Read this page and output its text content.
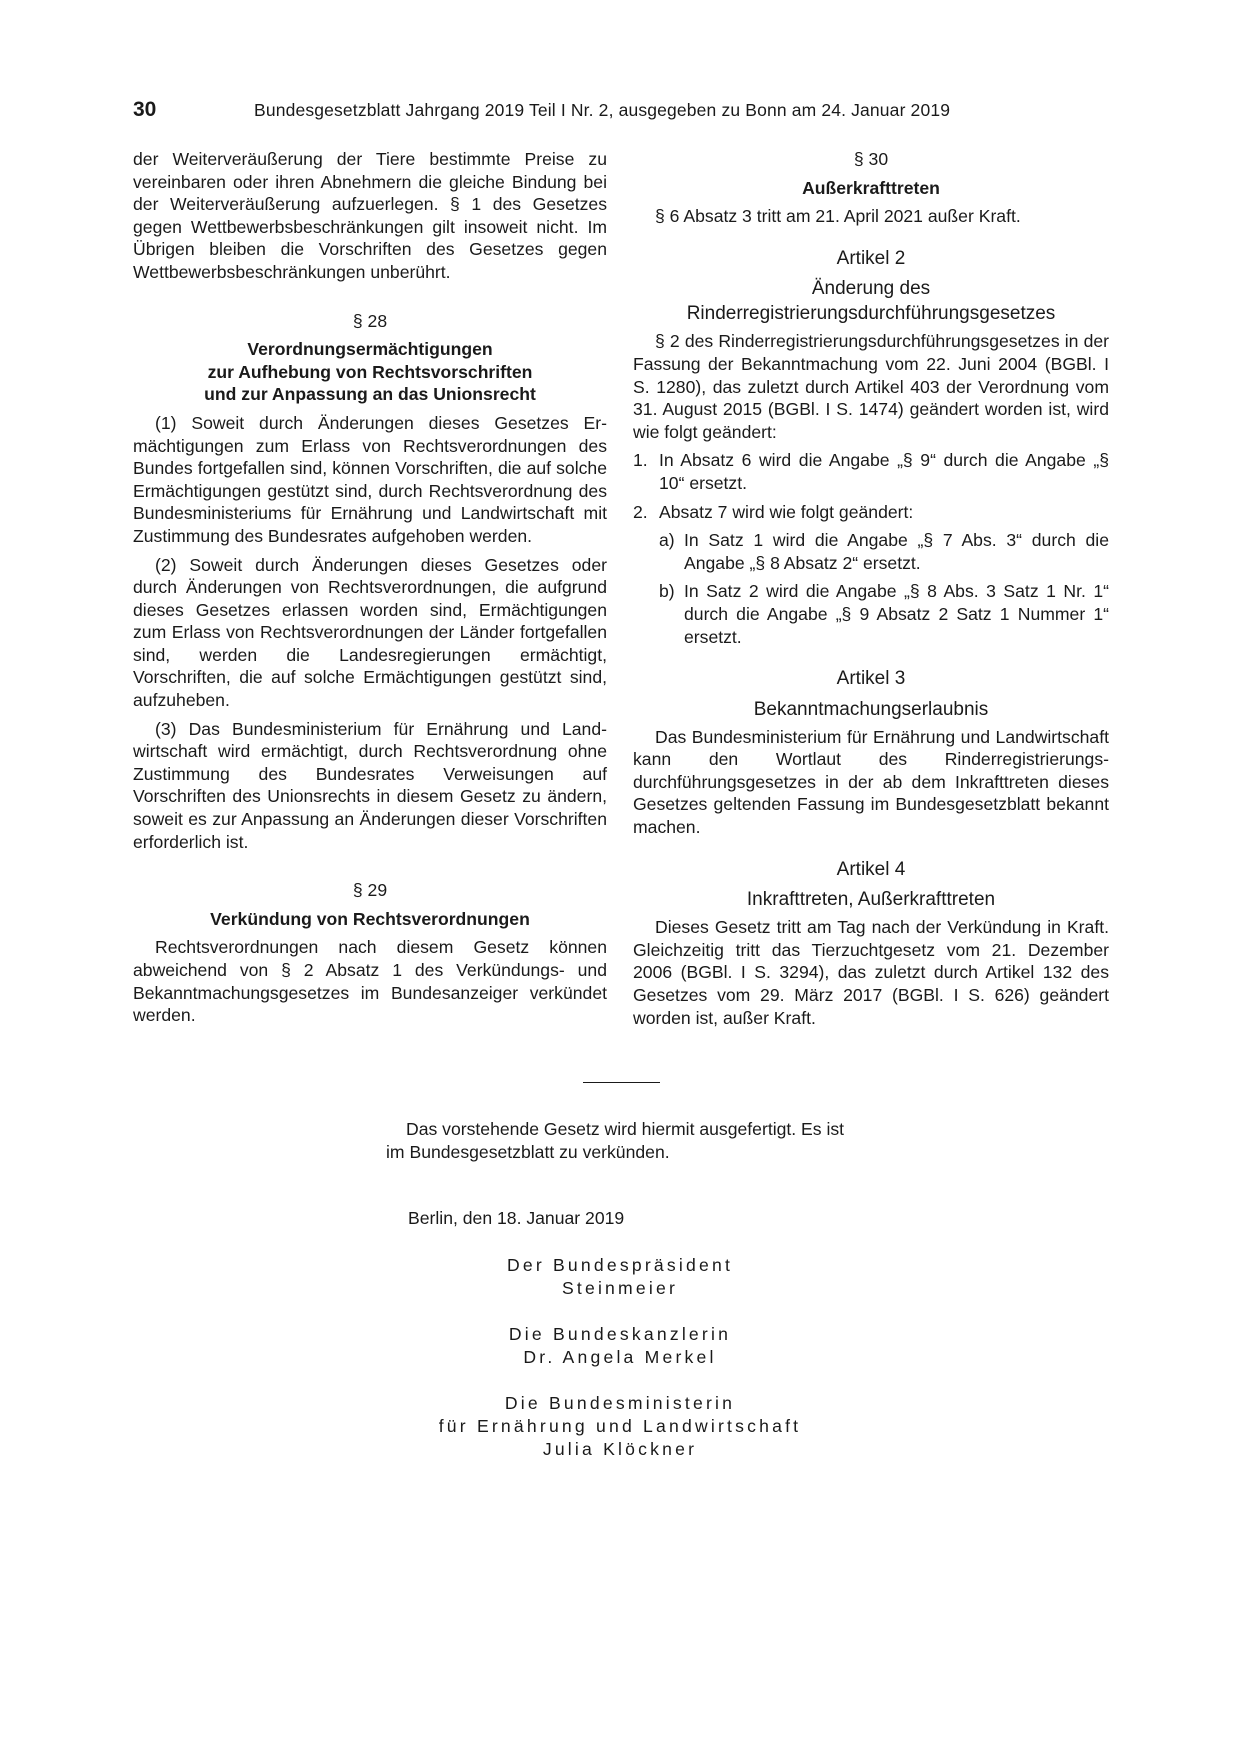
30	Bundesgesetzblatt Jahrgang 2019 Teil I Nr. 2, ausgegeben zu Bonn am 24. Januar 2019

der Weiterveräußerung der Tiere bestimmte Preise zu vereinbaren oder ihren Abnehmern die gleiche Bindung bei der Weiterveräußerung aufzuerlegen. § 1 des Gesetzes gegen Wettbewerbsbeschränkungen gilt insoweit nicht. Im Übrigen bleiben die Vorschriften des Gesetzes gegen Wettbewerbsbeschränkungen unberührt.

§ 28
Verordnungsermächtigungen
zur Aufhebung von Rechtsvorschriften
und zur Anpassung an das Unionsrecht

(1) Soweit durch Änderungen dieses Gesetzes Ermächtigungen zum Erlass von Rechtsverordnungen des Bundes fortgefallen sind, können Vorschriften, die auf solche Ermächtigungen gestützt sind, durch Rechtsverordnung des Bundesministeriums für Ernährung und Landwirtschaft mit Zustimmung des Bundesrates aufgehoben werden.

(2) Soweit durch Änderungen dieses Gesetzes oder durch Änderungen von Rechtsverordnungen, die aufgrund dieses Gesetzes erlassen worden sind, Ermächtigungen zum Erlass von Rechtsverordnungen der Länder fortgefallen sind, werden die Landesregierungen ermächtigt, Vorschriften, die auf solche Ermächtigungen gestützt sind, aufzuheben.

(3) Das Bundesministerium für Ernährung und Landwirtschaft wird ermächtigt, durch Rechtsverordnung ohne Zustimmung des Bundesrates Verweisungen auf Vorschriften des Unionsrechts in diesem Gesetz zu ändern, soweit es zur Anpassung an Änderungen dieser Vorschriften erforderlich ist.

§ 29
Verkündung von Rechtsverordnungen

Rechtsverordnungen nach diesem Gesetz können abweichend von § 2 Absatz 1 des Verkündungs- und Bekanntmachungsgesetzes im Bundesanzeiger verkündet werden.

§ 30
Außerkrafttreten

§ 6 Absatz 3 tritt am 21. April 2021 außer Kraft.

Artikel 2
Änderung des
Rinderregistrierungsdurchführungsgesetzes

§ 2 des Rinderregistrierungsdurchführungsgesetzes in der Fassung der Bekanntmachung vom 22. Juni 2004 (BGBl. I S. 1280), das zuletzt durch Artikel 403 der Verordnung vom 31. August 2015 (BGBl. I S. 1474) geändert worden ist, wird wie folgt geändert:

1. In Absatz 6 wird die Angabe „§ 9“ durch die Angabe „§ 10“ ersetzt.
2. Absatz 7 wird wie folgt geändert:
a) In Satz 1 wird die Angabe „§ 7 Abs. 3“ durch die Angabe „§ 8 Absatz 2“ ersetzt.
b) In Satz 2 wird die Angabe „§ 8 Abs. 3 Satz 1 Nr. 1“ durch die Angabe „§ 9 Absatz 2 Satz 1 Nummer 1“ ersetzt.
Artikel 3
Bekanntmachungserlaubnis

Das Bundesministerium für Ernährung und Landwirtschaft kann den Wortlaut des Rinderregistrierungsdurchführungsgesetzes in der ab dem Inkrafttreten dieses Gesetzes geltenden Fassung im Bundesgesetzblatt bekannt machen.

Artikel 4
Inkrafttreten, Außerkrafttreten

Dieses Gesetz tritt am Tag nach der Verkündung in Kraft. Gleichzeitig tritt das Tierzuchtgesetz vom 21. Dezember 2006 (BGBl. I S. 3294), das zuletzt durch Artikel 132 des Gesetzes vom 29. März 2017 (BGBl. I S. 626) geändert worden ist, außer Kraft.

Das vorstehende Gesetz wird hiermit ausgefertigt. Es ist im Bundesgesetzblatt zu verkünden.

Berlin, den 18. Januar 2019
Der Bundespräsident
Steinmeier
Die Bundeskanzlerin
Dr. Angela Merkel
Die Bundesministerin
für Ernährung und Landwirtschaft
Julia Klöckner
